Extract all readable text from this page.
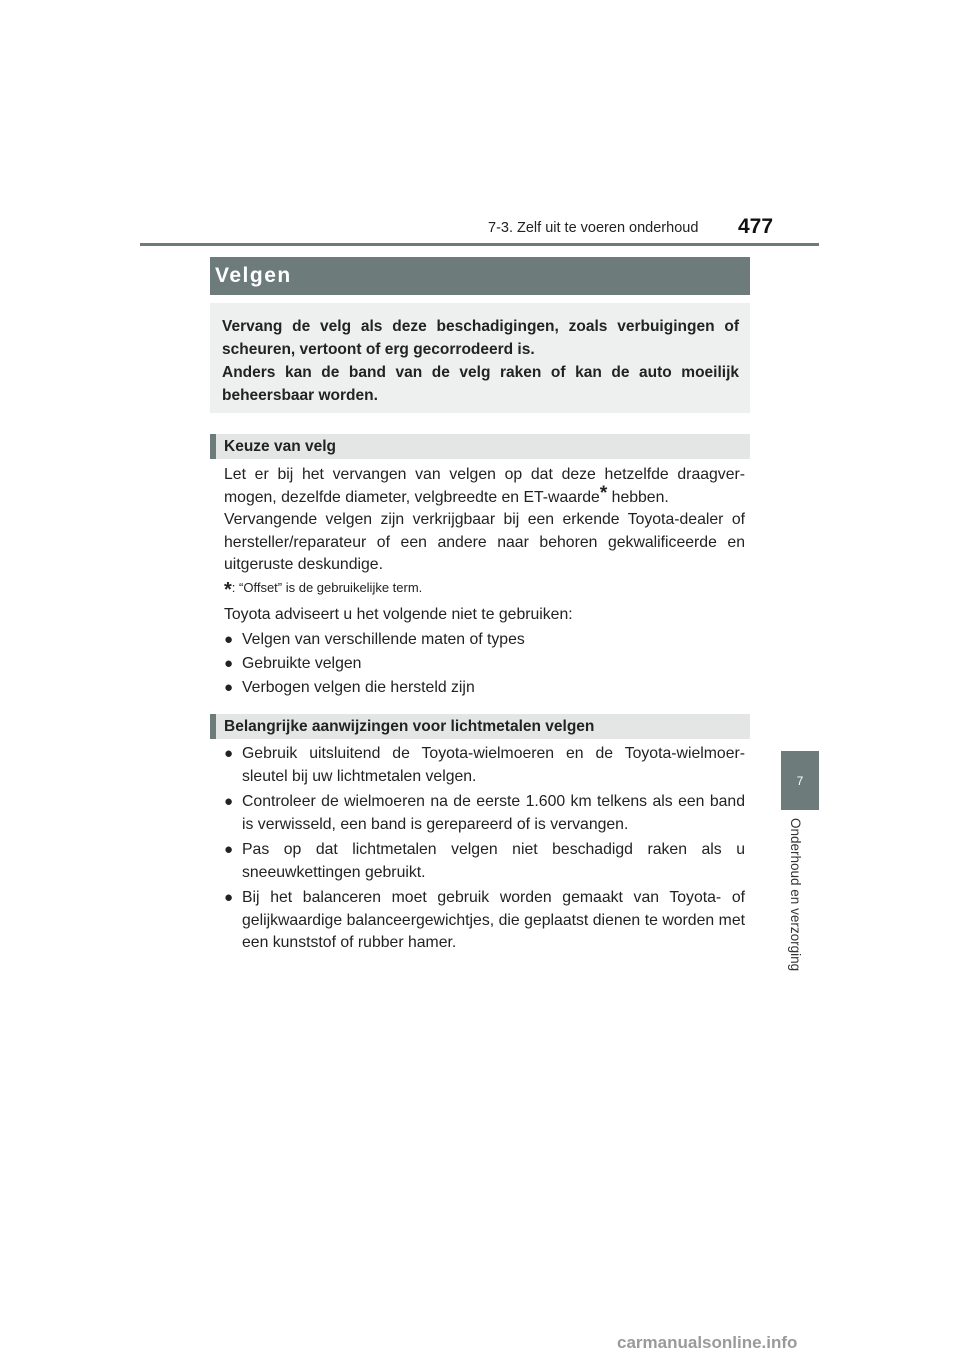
7-3. Zelf uit te voeren onderhoud 477
7
Onderhoud en verzorging
Velgen

Vervang de velg als deze beschadigingen, zoals verbuigingen of scheuren, vertoont of erg gecorrodeerd is.

Anders kan de band van de velg raken of kan de auto moeilijk beheersbaar worden.

Keuze van velg

Let er bij het vervangen van velgen op dat deze hetzelfde draagver-mogen, dezelfde diameter, velgbreedte en ET-waarde* hebben.

Vervangende velgen zijn verkrijgbaar bij een erkende Toyota-dealer of hersteller/reparateur of een andere naar behoren gekwalificeerde en uitgeruste deskundige.

*: “Offset” is de gebruikelijke term.
Toyota adviseert u het volgende niet te gebruiken:
● Velgen van verschillende maten of types
● Gebruikte velgen
● Verbogen velgen die hersteld zijn
Belangrijke aanwijzingen voor lichtmetalen velgen
● Gebruik uitsluitend de Toyota-wielmoeren en de Toyota-wielmoer-sleutel bij uw lichtmetalen velgen.
● Controleer de wielmoeren na de eerste 1.600 km telkens als een band is verwisseld, een band is gerepareerd of is vervangen.
● Pas op dat lichtmetalen velgen niet beschadigd raken als u sneeuwkettingen gebruikt.
● Bij het balanceren moet gebruik worden gemaakt van Toyota- of gelijkwaardige balanceergewichtjes, die geplaatst dienen te worden met een kunststof of rubber hamer.
carmanualsonline.info
